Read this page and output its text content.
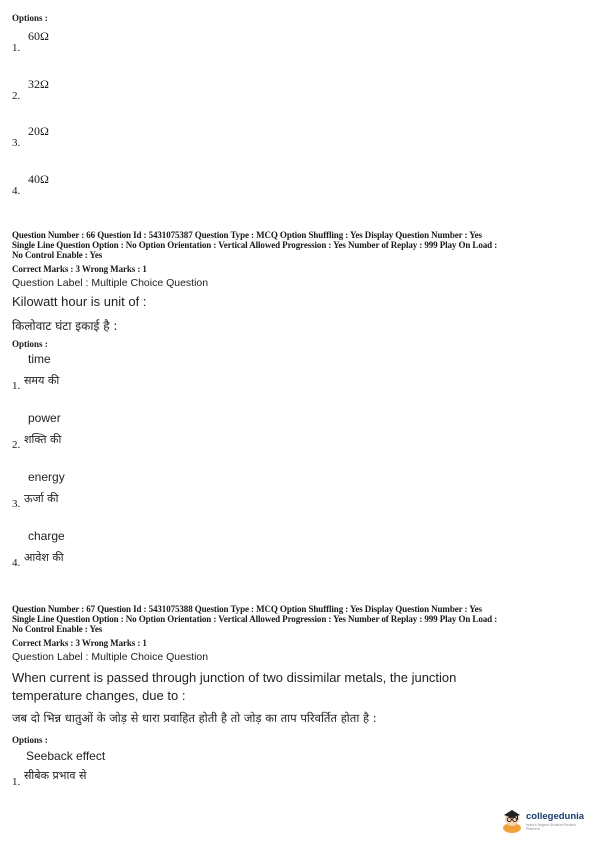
Options :
60Ω
1.
32Ω
2.
20Ω
3.
40Ω
4.
Question Number : 66 Question Id : 5431075387 Question Type : MCQ Option Shuffling : Yes Display Question Number : Yes
Single Line Question Option : No Option Orientation : Vertical Allowed Progression : Yes Number of Replay : 999 Play On Load :
No Control Enable : Yes
Correct Marks : 3 Wrong Marks : 1
Question Label : Multiple Choice Question
Kilowatt hour is unit of :
किलोवाट घंटा इकाई है :
Options :
time
1. समय की
power
2. शक्ति की
energy
3. ऊर्जा की
charge
4. आवेश की
Question Number : 67 Question Id : 5431075388 Question Type : MCQ Option Shuffling : Yes Display Question Number : Yes
Single Line Question Option : No Option Orientation : Vertical Allowed Progression : Yes Number of Replay : 999 Play On Load :
No Control Enable : Yes
Correct Marks : 3 Wrong Marks : 1
Question Label : Multiple Choice Question
When current is passed through junction of two dissimilar metals, the junction
temperature changes, due to :
जब दो भिन्न धातुओं के जोड़ से धारा प्रवाहित होती है तो जोड़ का ताप परिवर्तित होता है :
Options :
Seeback effect
1. सीबेक प्रभाव से
collegedunia
India's largest Student Review Platform
